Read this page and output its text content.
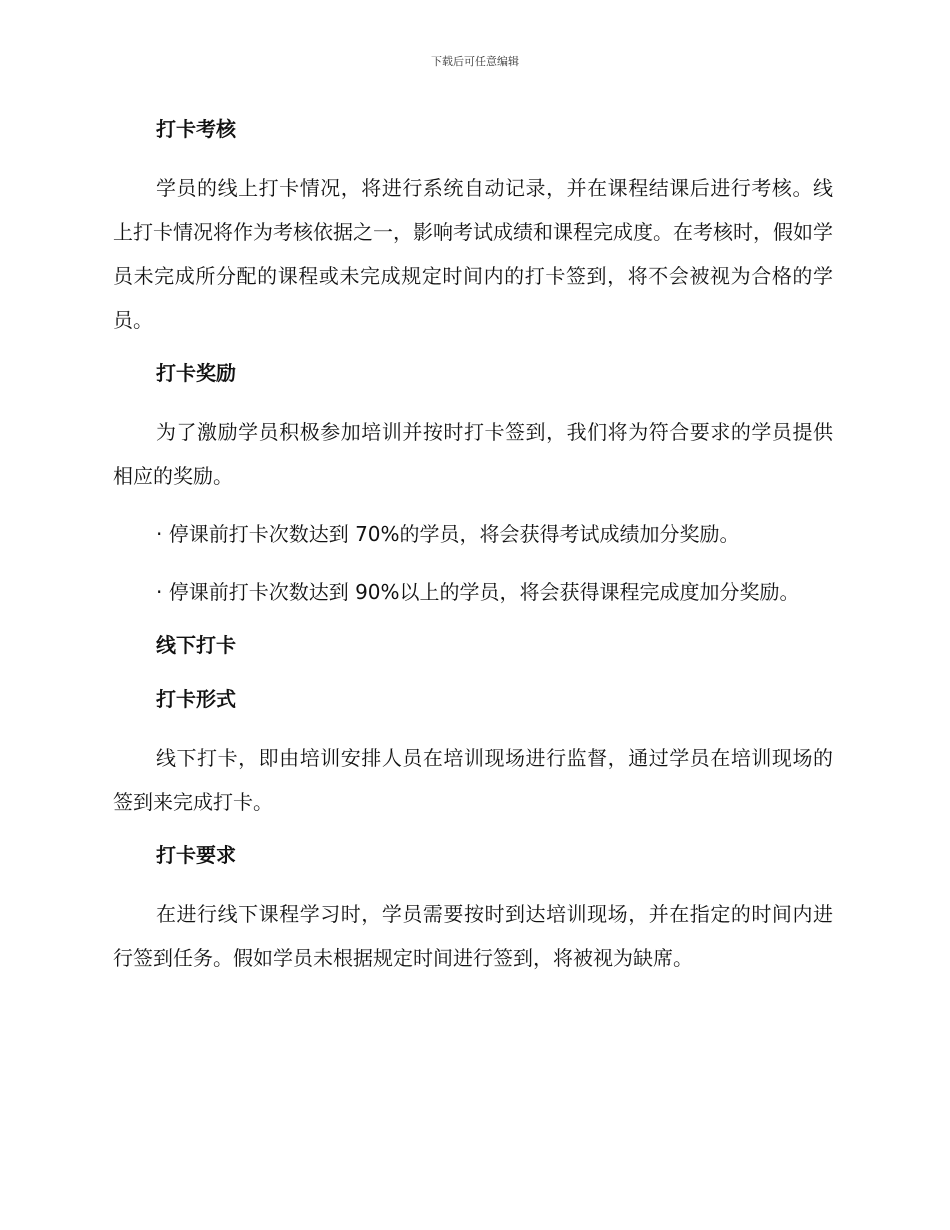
下载后可任意编辑
打卡考核

学员的线上打卡情况，将进行系统自动记录，并在课程结课后进行考核。线上打卡情况将作为考核依据之一，影响考试成绩和课程完成度。在考核时，假如学员未完成所分配的课程或未完成规定时间内的打卡签到，将不会被视为合格的学员。

打卡奖励

为了激励学员积极参加培训并按时打卡签到，我们将为符合要求的学员提供相应的奖励。

· 停课前打卡次数达到 70%的学员，将会获得考试成绩加分奖励。

· 停课前打卡次数达到 90%以上的学员，将会获得课程完成度加分奖励。

线下打卡
打卡形式

线下打卡，即由培训安排人员在培训现场进行监督，通过学员在培训现场的签到来完成打卡。

打卡要求

在进行线下课程学习时，学员需要按时到达培训现场，并在指定的时间内进行签到任务。假如学员未根据规定时间进行签到，将被视为缺席。
